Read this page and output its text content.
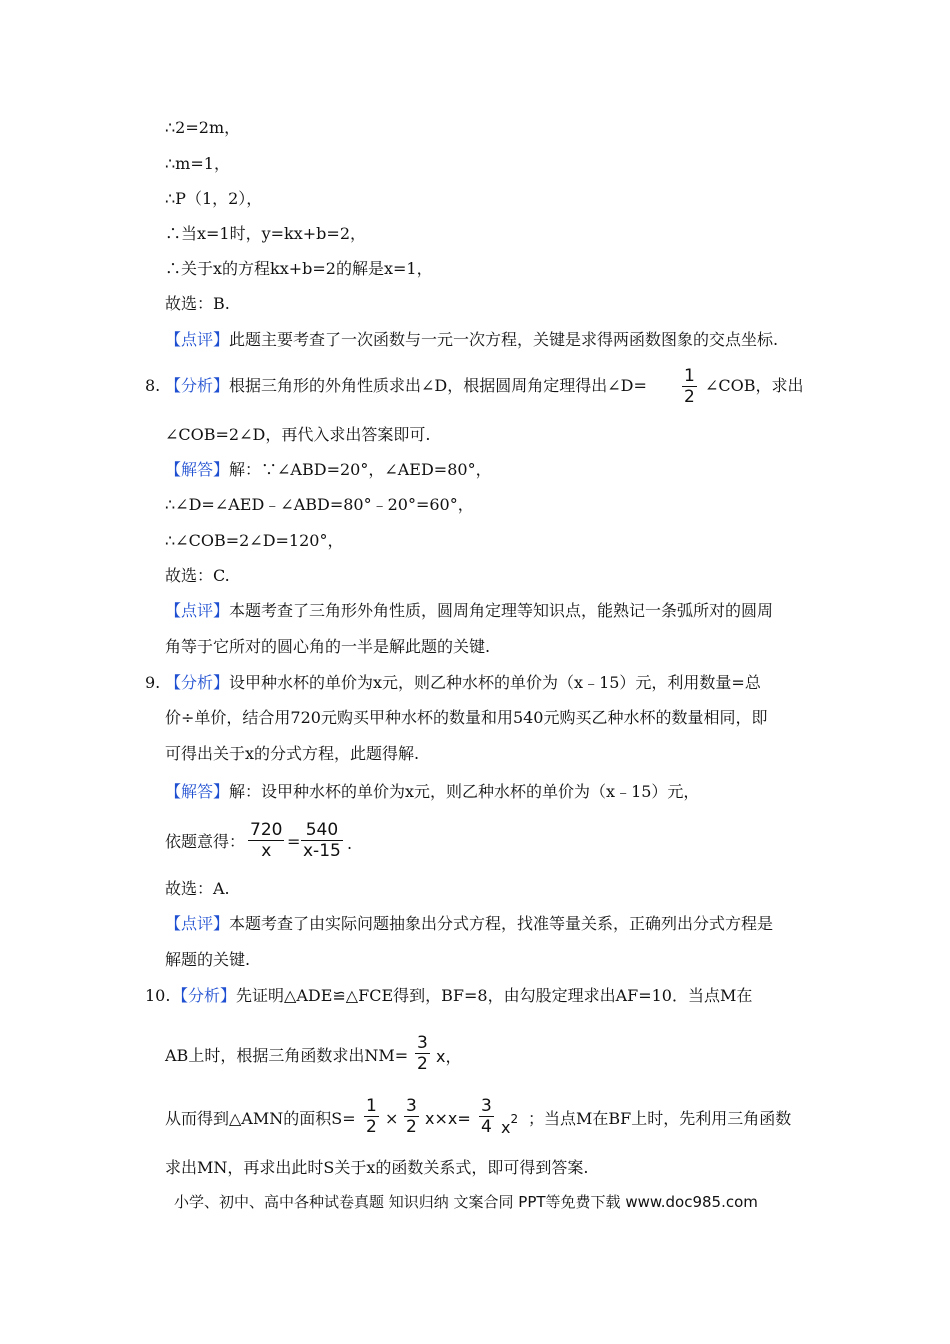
∴2=2m，
∴m=1，
∴P（1，2），
∴当x=1时，y=kx+b=2，
∴关于x的方程kx+b=2的解是x=1，
故选：B.
【点评】此题主要考查了一次函数与一元一次方程，关键是求得两函数图象的交点坐标.
8. 【分析】根据三角形的外角性质求出∠D，根据圆周角定理得出∠D= $\frac{1}{2}$ ∠COB，求出
∠COB=2∠D，再代入求出答案即可.
【解答】解：∵∠ABD=20°，∠AED=80°，
∴∠D=∠AED﹣∠ABD=80°﹣20°=60°，
∴∠COB=2∠D=120°，
故选：C.
【点评】本题考查了三角形外角性质，圆周角定理等知识点，能熟记一条弧所对的圆周
角等于它所对的圆心角的一半是解此题的关键.
9. 【分析】设甲种水杯的单价为x元，则乙种水杯的单价为（x﹣15）元，利用数量=总
价÷单价，结合用720元购买甲种水杯的数量和用540元购买乙种水杯的数量相同，即
可得出关于x的分式方程，此题得解.
【解答】解：设甲种水杯的单价为x元，则乙种水杯的单价为（x﹣15）元，
依题意得： $\frac{720}{x} = \frac{540}{x-15}$ .
故选：A.
【点评】本题考查了由实际问题抽象出分式方程，找准等量关系，正确列出分式方程是
解题的关键.
10. 【分析】先证明△ADE≌△FCE得到，BF=8，由勾股定理求出AF=10．当点M在
AB上时，根据三角函数求出$NM= \frac{3}{2}$ x，
从而得到△AMN的面积$S= \frac{1}{2} \times \frac{3}{2} x\times x= \frac{3}{4} x^2$ ；当点M在BF上时，先利用三角函数
求出MN，再求出此时S关于x的函数关系式，即可得到答案.
小学、初中、高中各种试卷真题 知识归纳 文案合同 PPT等免费下载 www.doc985.com
